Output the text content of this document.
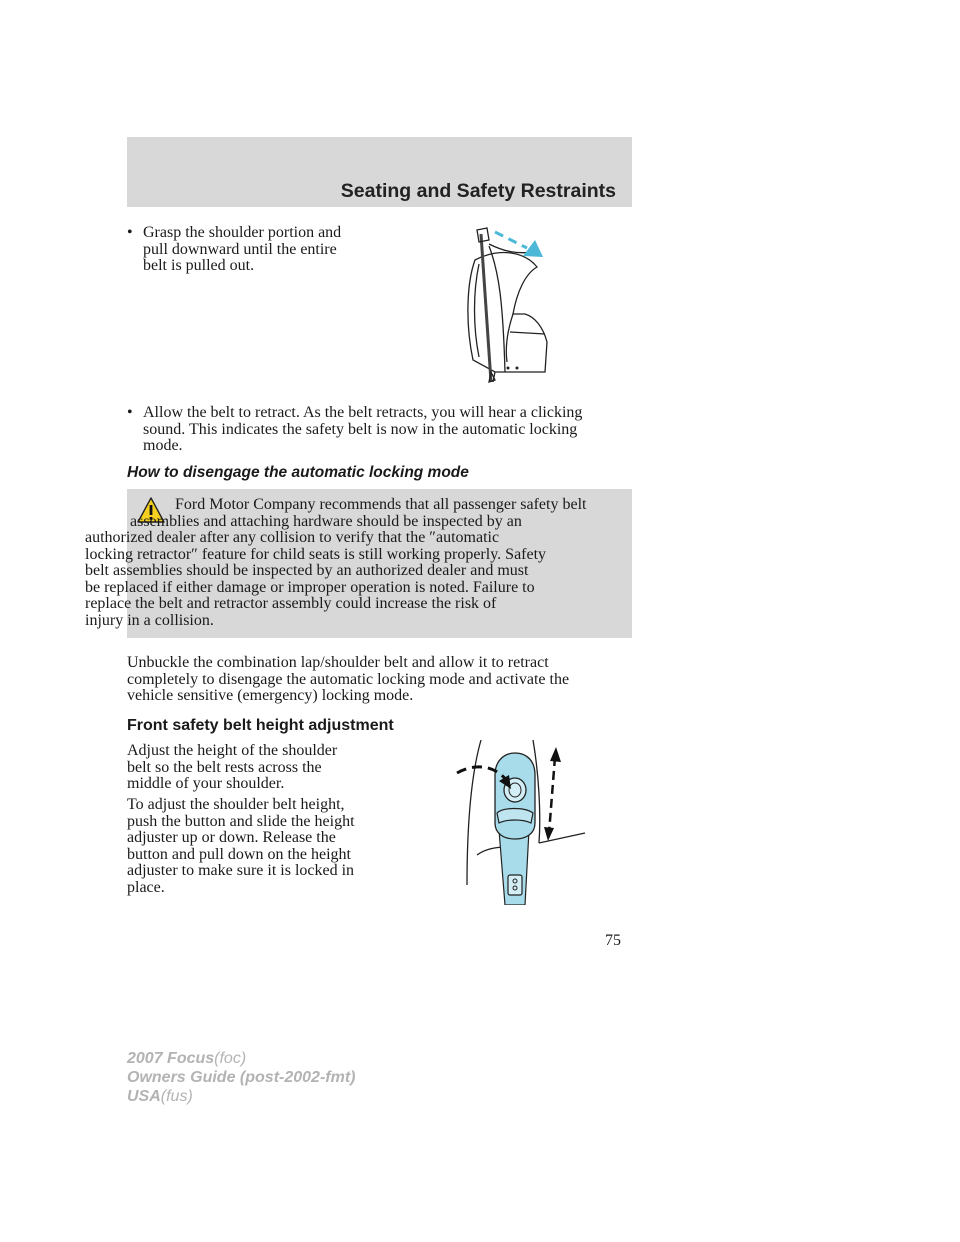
Seating and Safety Restraints
• Grasp the shoulder portion and
pull downward until the entire
belt is pulled out.
• Allow the belt to retract. As the belt retracts, you will hear a clicking
sound. This indicates the safety belt is now in the automatic locking
mode.
How to disengage the automatic locking mode
Ford Motor Company recommends that all passenger safety belt
assemblies and attaching hardware should be inspected by an
authorized dealer after any collision to verify that the ″automatic
locking retractor″ feature for child seats is still working properly. Safety
belt assemblies should be inspected by an authorized dealer and must
be replaced if either damage or improper operation is noted. Failure to
replace the belt and retractor assembly could increase the risk of
injury in a collision.
Unbuckle the combination lap/shoulder belt and allow it to retract
completely to disengage the automatic locking mode and activate the
vehicle sensitive (emergency) locking mode.
Front safety belt height adjustment
Adjust the height of the shoulder
belt so the belt rests across the
middle of your shoulder.
To adjust the shoulder belt height,
push the button and slide the height
adjuster up or down. Release the
button and pull down on the height
adjuster to make sure it is locked in
place.
75
2007 Focus(foc)
Owners Guide (post-2002-fmt)
USA(fus)
